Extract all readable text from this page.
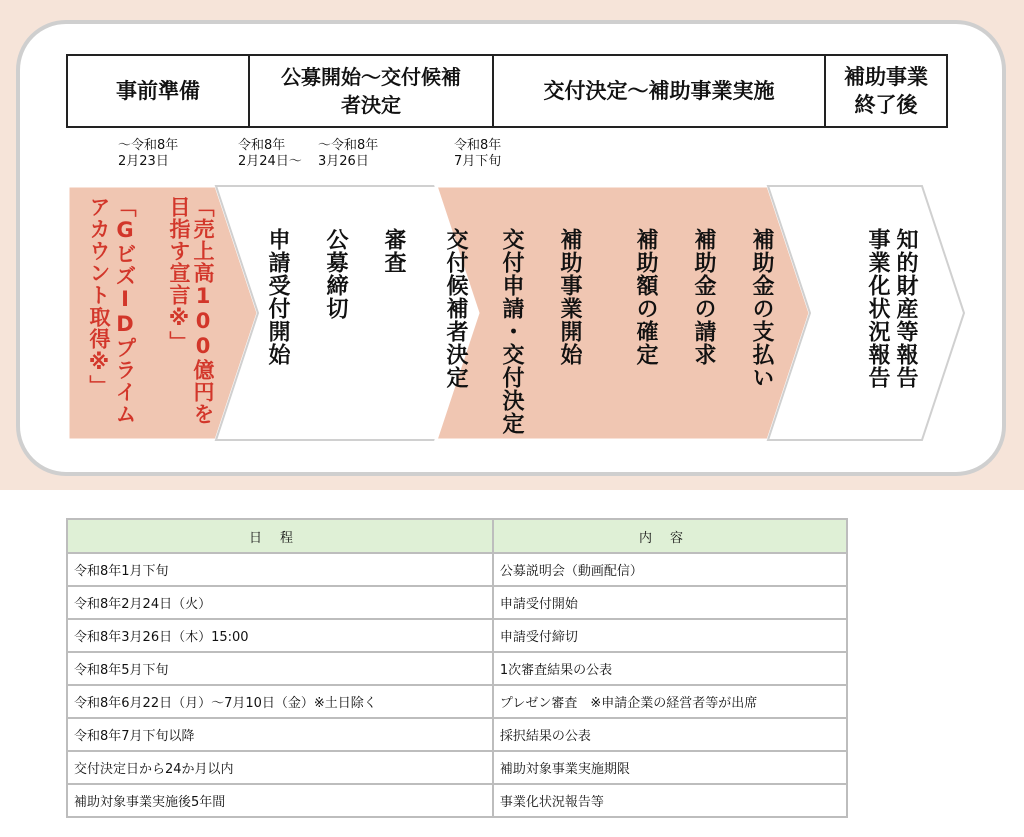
事前準備
公募開始～交付候補
者決定
交付決定～補助事業実施
補助事業
終了後
～令和8年
2月23日
令和8年
2月24日～
～令和8年
3月26日
令和8年
7月下旬
「売上高100億円を
目指す宣言※」
「GビズIDプライム
アカウント取得※」	申請受付開始 公募締切 審査 交付候補者決定 交付申請・交付決定 補助事業開始 補助額の確定 補助金の請求 補助金の支払い	知的財産等報告
事業化状況報告
日程	内容
令和8年1月下旬	公募説明会（動画配信）
令和8年2月24日（火）	申請受付開始
令和8年3月26日（木）15:00	申請受付締切
令和8年5月下旬	1次審査結果の公表
令和8年6月22日（月）～7月10日（金）※土日除く	プレゼン審査　※申請企業の経営者等が出席
令和8年7月下旬以降	採択結果の公表
交付決定日から24か月以内	補助対象事業実施期限
補助対象事業実施後5年間	事業化状況報告等
